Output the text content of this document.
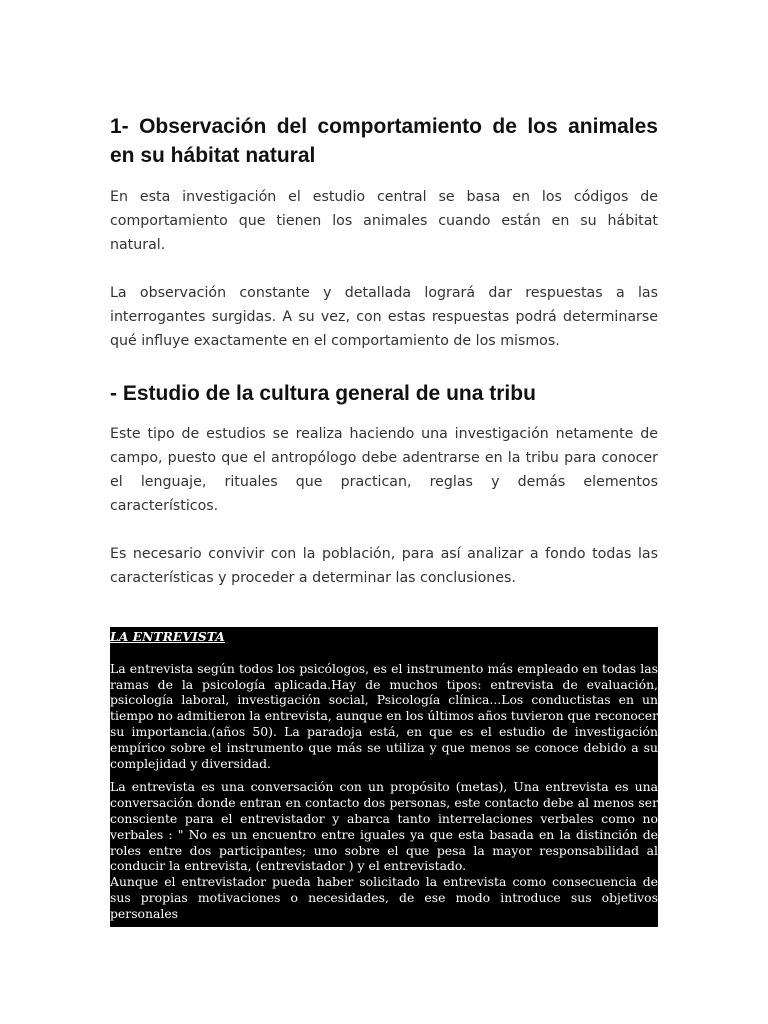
1- Observación del comportamiento de los animales en su hábitat natural

En esta investigación el estudio central se basa en los códigos de comportamiento que tienen los animales cuando están en su hábitat natural.

La observación constante y detallada logrará dar respuestas a las interrogantes surgidas. A su vez, con estas respuestas podrá determinarse qué influye exactamente en el comportamiento de los mismos.

- Estudio de la cultura general de una tribu

Este tipo de estudios se realiza haciendo una investigación netamente de campo, puesto que el antropólogo debe adentrarse en la tribu para conocer el lenguaje, rituales que practican, reglas y demás elementos característicos.

Es necesario convivir con la población, para así analizar a fondo todas las características y proceder a determinar las conclusiones.

LA ENTREVISTA

La entrevista según todos los psicólogos, es el instrumento más empleado en todas las ramas de la psicología aplicada.Hay de muchos tipos: entrevista de evaluación, psicología laboral, investigación social, Psicología clínica...Los conductistas en un tiempo no admitieron la entrevista, aunque en los últimos años tuvieron que reconocer su importancia.(años 50). La paradoja está, en que es el estudio de investigación empírico sobre el instrumento que más se utiliza y que menos se conoce debido a su complejidad y diversidad.

La entrevista es una conversación con un propósito (metas), Una entrevista es una conversación donde entran en contacto dos personas, este contacto debe al menos ser consciente para el entrevistador y abarca tanto interrelaciones verbales como no verbales : " No es un encuentro entre iguales ya que esta basada en la distinción de roles entre dos participantes; uno sobre el que pesa la mayor responsabilidad al conducir la entrevista, (entrevistador ) y el entrevistado.

Aunque el entrevistador pueda haber solicitado la entrevista como consecuencia de sus propias motivaciones o necesidades, de ese modo introduce sus objetivos personales
